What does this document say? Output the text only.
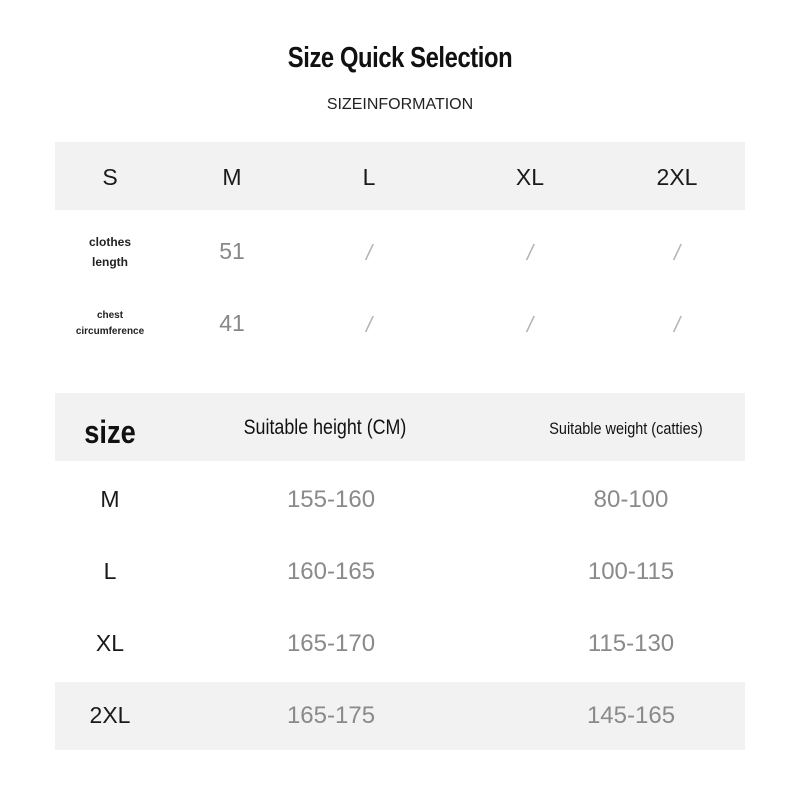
Size Quick Selection
SIZEINFORMATION
S	M	L	XL	2XL
clothes
length	51	/	/	/
chest
circumference	41	/	/	/
size	Suitable height (CM)	Suitable weight (catties)
M	155-160	80-100
L	160-165	100-115
XL	165-170	115-130
2XL	165-175	145-165
